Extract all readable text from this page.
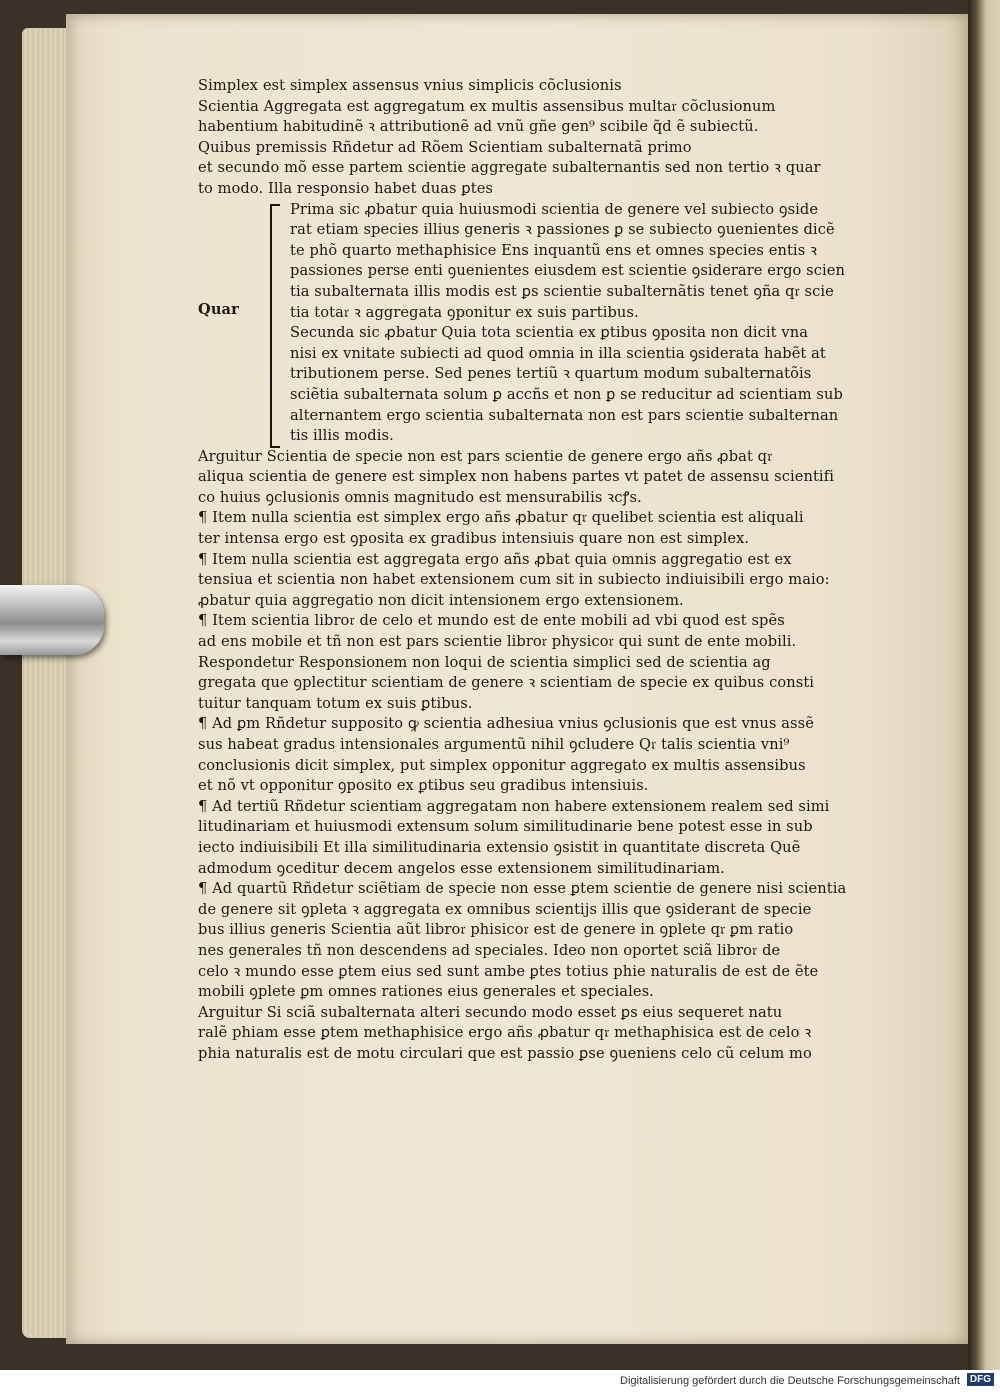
Simplex est simplex assensus vnius simplicis cõclusionis
Scientia Aggregata est aggregatum ex multis assensibus multa𝔯 cõclusionum
habentium habitudinẽ ꝛ attributionẽ ad vnũ gñe gen⁹ scibile q̃d ẽ subiectũ.
Quibus premissis Rñdetur ad Rõem Scientiam subalternatã primo
et secundo mõ esse partem scientie aggregate subalternantis sed non tertio ꝛ quar
to modo. Illa responsio habet duas ꝑtes
Quar
Prima sic ꝓbatur quia huiusmodi scientia de genere vel subiecto ꝯside
rat etiam species illius generis ꝛ passiones ꝑ se subiecto ꝯuenientes dicẽ
te phõ quarto methaphisice Ens inquantũ ens et omnes species entis ꝛ
passiones perse enti ꝯuenientes eiusdem est scientie ꝯsiderare ergo scien
tia subalternata illis modis est ꝑs scientie subalternãtis tenet ꝯña q𝔯 scie
tia tota𝔯 ꝛ aggregata ꝯponitur ex suis partibus.
Secunda sic ꝓbatur Quia tota scientia ex ꝑtibus ꝯposita non dicit vna
nisi ex vnitate subiecti ad quod omnia in illa scientia ꝯsiderata habẽt at
tributionem perse. Sed penes tertiũ ꝛ quartum modum subalternatõis
sciẽtia subalternata solum ꝑ accñs et non ꝑ se reducitur ad scientiam sub
alternantem ergo scientia subalternata non est pars scientie subalternan
tis illis modis.
Arguitur Scientia de specie non est pars scientie de genere ergo añs ꝓbat q𝔯
aliqua scientia de genere est simplex non habens partes vt patet de assensu scientifi
co huius ꝯclusionis omnis magnitudo est mensurabilis ꝛcꝭs.
¶ Item nulla scientia est simplex ergo añs ꝓbatur q𝔯 quelibet scientia est aliquali
ter intensa ergo est ꝯposita ex gradibus intensiuis quare non est simplex.
¶ Item nulla scientia est aggregata ergo añs ꝓbat quia omnis aggregatio est ex
tensiua et scientia non habet extensionem cum sit in subiecto indiuisibili ergo maio:
ꝓbatur quia aggregatio non dicit intensionem ergo extensionem.
¶ Item scientia libro𝔯 de celo et mundo est de ente mobili ad vbi quod est spẽs
ad ens mobile et tñ non est pars scientie libro𝔯 physico𝔯 qui sunt de ente mobili.
Respondetur Responsionem non loqui de scientia simplici sed de scientia ag
gregata que ꝯplectitur scientiam de genere ꝛ scientiam de specie ex quibus consti
tuitur tanquam totum ex suis ꝑtibus.
¶ Ad ꝑm Rñdetur supposito ꝙ scientia adhesiua vnius ꝯclusionis que est vnus assẽ
sus habeat gradus intensionales argumentũ nihil ꝯcludere Q𝔯 talis scientia vni⁹
conclusionis dicit simplex, put simplex opponitur aggregato ex multis assensibus
et nõ vt opponitur ꝯposito ex ꝑtibus seu gradibus intensiuis.
¶ Ad tertiũ Rñdetur scientiam aggregatam non habere extensionem realem sed simi
litudinariam et huiusmodi extensum solum similitudinarie bene potest esse in sub
iecto indiuisibili Et illa similitudinaria extensio ꝯsistit in quantitate discreta Quẽ
admodum ꝯceditur decem angelos esse extensionem similitudinariam.
¶ Ad quartũ Rñdetur sciẽtiam de specie non esse ꝑtem scientie de genere nisi scientia
de genere sit ꝯpleta ꝛ aggregata ex omnibus scientijs illis que ꝯsiderant de specie
bus illius generis Scientia aũt libro𝔯 phisico𝔯 est de genere in ꝯplete q𝔯 ꝑm ratio
nes generales tñ non descendens ad speciales. Ideo non oportet sciã libro𝔯 de
celo ꝛ mundo esse ꝑtem eius sed sunt ambe ꝑtes totius phie naturalis de est de ẽte
mobili ꝯplete ꝑm omnes rationes eius generales et speciales.
Arguitur Si sciã subalternata alteri secundo modo esset ꝑs eius sequeret natu
ralẽ phiam esse ꝑtem methaphisice ergo añs ꝓbatur q𝔯 methaphisica est de celo ꝛ
phia naturalis est de motu circulari que est passio ꝑse ꝯueniens celo cũ celum mo
Digitalisierung gefördert durch die Deutsche Forschungsgemeinschaft DFG
